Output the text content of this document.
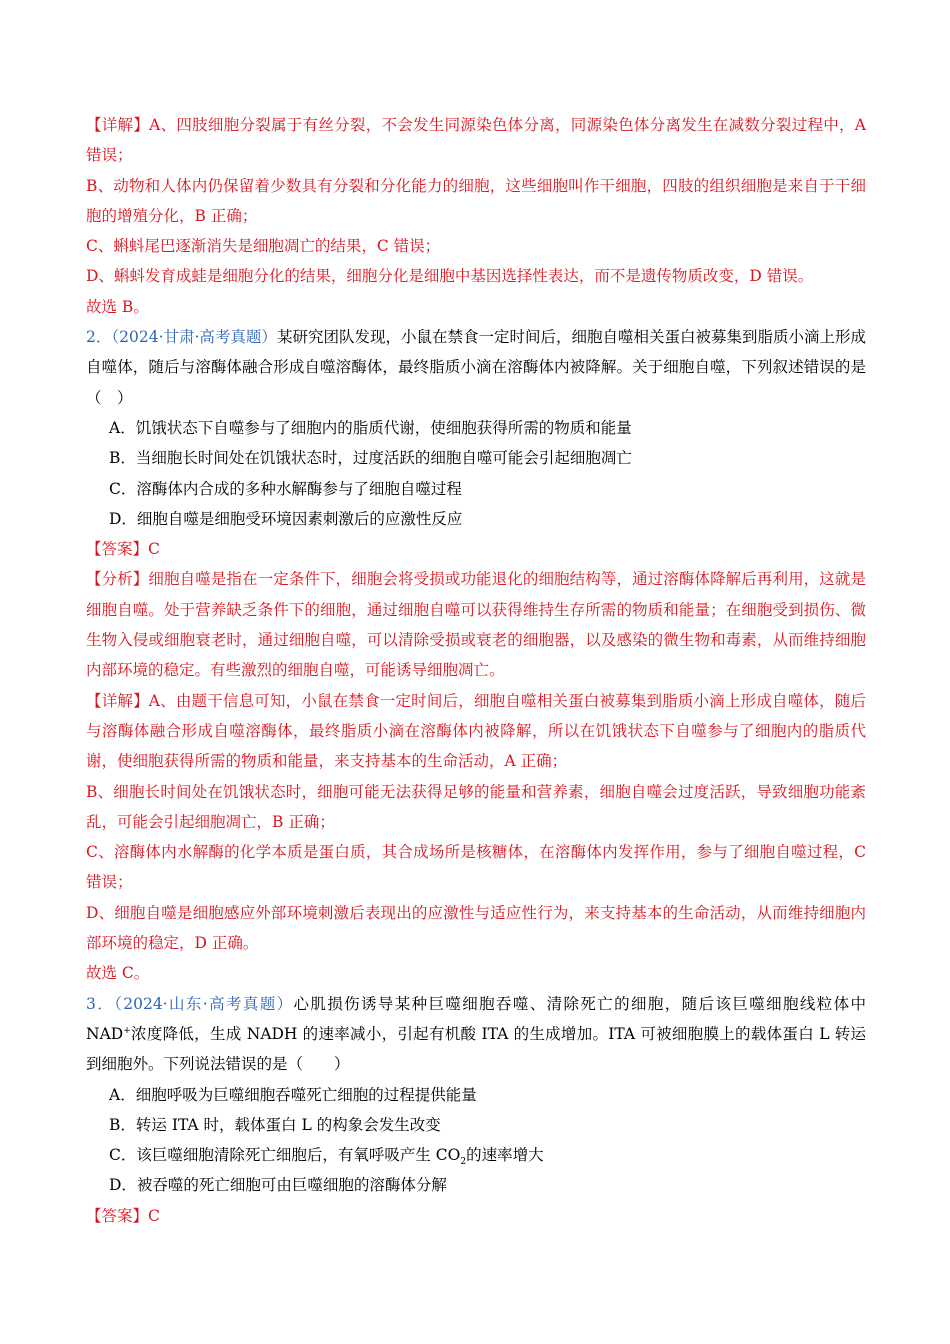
【详解】A、四肢细胞分裂属于有丝分裂，不会发生同源染色体分离，同源染色体分离发生在减数分裂过程中，A 错误；

B、动物和人体内仍保留着少数具有分裂和分化能力的细胞，这些细胞叫作干细胞，四肢的组织细胞是来自于干细胞的增殖分化，B 正确；

C、蝌蚪尾巴逐渐消失是细胞凋亡的结果，C 错误；

D、蝌蚪发育成蛙是细胞分化的结果，细胞分化是细胞中基因选择性表达，而不是遗传物质改变，D 错误。

故选 B。

2．（2024·甘肃·高考真题）某研究团队发现，小鼠在禁食一定时间后，细胞自噬相关蛋白被募集到脂质小滴上形成自噬体，随后与溶酶体融合形成自噬溶酶体，最终脂质小滴在溶酶体内被降解。关于细胞自噬，下列叙述错误的是（　）

A．饥饿状态下自噬参与了细胞内的脂质代谢，使细胞获得所需的物质和能量

B．当细胞长时间处在饥饿状态时，过度活跃的细胞自噬可能会引起细胞凋亡

C．溶酶体内合成的多种水解酶参与了细胞自噬过程

D．细胞自噬是细胞受环境因素刺激后的应激性反应

【答案】C

【分析】细胞自噬是指在一定条件下，细胞会将受损或功能退化的细胞结构等，通过溶酶体降解后再利用，这就是细胞自噬。处于营养缺乏条件下的细胞，通过细胞自噬可以获得维持生存所需的物质和能量；在细胞受到损伤、微生物入侵或细胞衰老时，通过细胞自噬，可以清除受损或衰老的细胞器，以及感染的微生物和毒素，从而维持细胞内部环境的稳定。有些激烈的细胞自噬，可能诱导细胞凋亡。

【详解】A、由题干信息可知，小鼠在禁食一定时间后，细胞自噬相关蛋白被募集到脂质小滴上形成自噬体，随后与溶酶体融合形成自噬溶酶体，最终脂质小滴在溶酶体内被降解，所以在饥饿状态下自噬参与了细胞内的脂质代谢，使细胞获得所需的物质和能量，来支持基本的生命活动，A 正确；

B、细胞长时间处在饥饿状态时，细胞可能无法获得足够的能量和营养素，细胞自噬会过度活跃，导致细胞功能紊乱，可能会引起细胞凋亡，B 正确；

C、溶酶体内水解酶的化学本质是蛋白质，其合成场所是核糖体，在溶酶体内发挥作用，参与了细胞自噬过程，C 错误；

D、细胞自噬是细胞感应外部环境刺激后表现出的应激性与适应性行为，来支持基本的生命活动，从而维持细胞内部环境的稳定，D 正确。

故选 C。

3．（2024·山东·高考真题）心肌损伤诱导某种巨噬细胞吞噬、清除死亡的细胞，随后该巨噬细胞线粒体中 NAD+浓度降低，生成 NADH 的速率减小，引起有机酸 ITA 的生成增加。ITA 可被细胞膜上的载体蛋白 L 转运到细胞外。下列说法错误的是（　　）

A．细胞呼吸为巨噬细胞吞噬死亡细胞的过程提供能量

B．转运 ITA 时，载体蛋白 L 的构象会发生改变

C．该巨噬细胞清除死亡细胞后，有氧呼吸产生 $CO_2$的速率增大

D．被吞噬的死亡细胞可由巨噬细胞的溶酶体分解

【答案】C
